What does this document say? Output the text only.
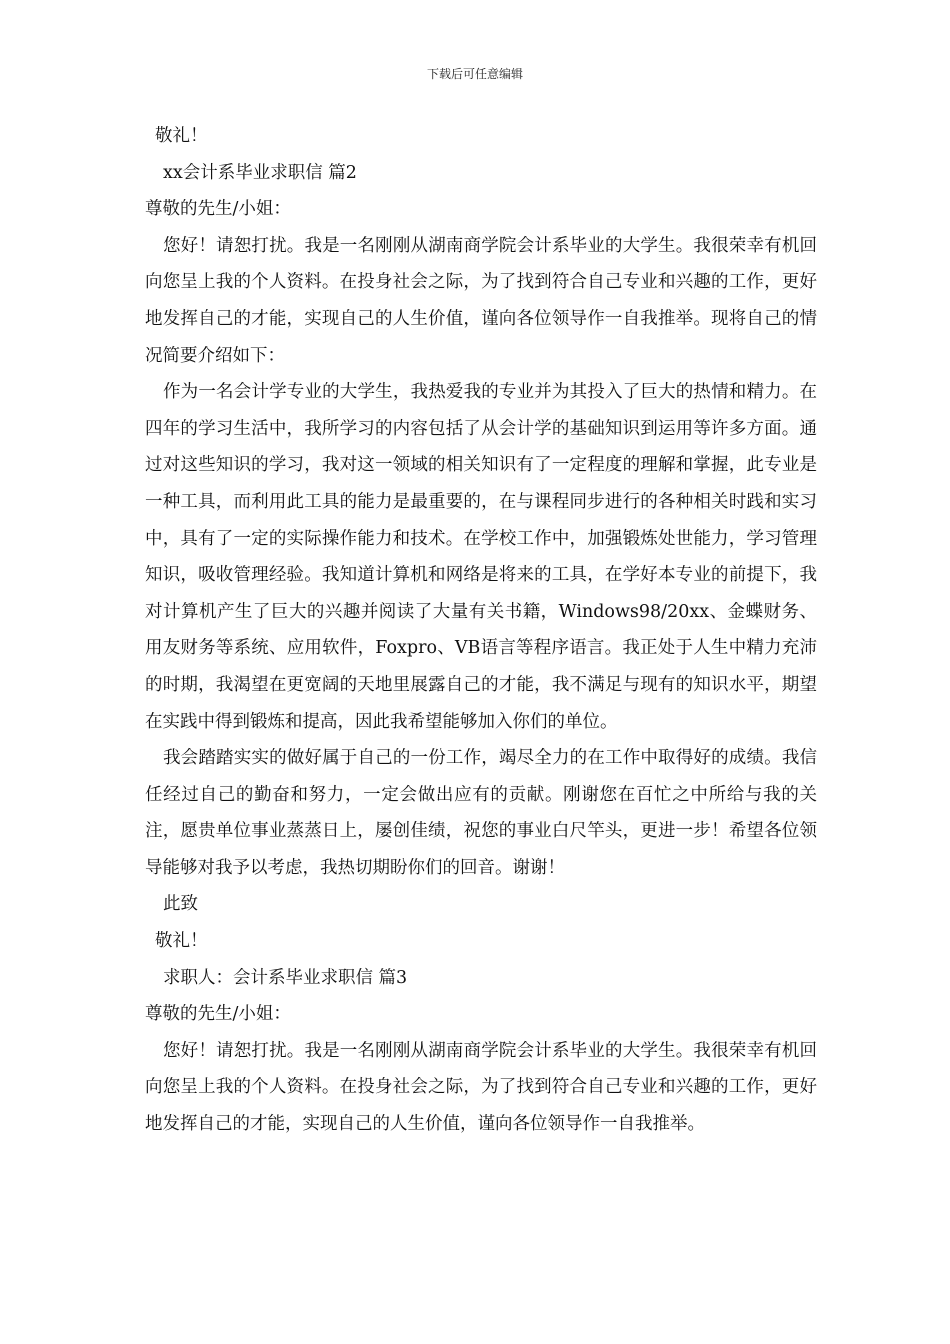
下载后可任意编辑

敬礼！

xx会计系毕业求职信 篇2

尊敬的先生/小姐：

您好！请恕打扰。我是一名刚刚从湖南商学院会计系毕业的大学生。我很荣幸有机回向您呈上我的个人资料。在投身社会之际，为了找到符合自己专业和兴趣的工作，更好地发挥自己的才能，实现自己的人生价值，谨向各位领导作一自我推举。现将自己的情况简要介绍如下：

作为一名会计学专业的大学生，我热爱我的专业并为其投入了巨大的热情和精力。在四年的学习生活中，我所学习的内容包括了从会计学的基础知识到运用等许多方面。通过对这些知识的学习，我对这一领域的相关知识有了一定程度的理解和掌握，此专业是一种工具，而利用此工具的能力是最重要的，在与课程同步进行的各种相关时践和实习中，具有了一定的实际操作能力和技术。在学校工作中，加强锻炼处世能力，学习管理知识，吸收管理经验。我知道计算机和网络是将来的工具，在学好本专业的前提下，我对计算机产生了巨大的兴趣并阅读了大量有关书籍，Windows98/20xx、金蝶财务、用友财务等系统、应用软件，Foxpro、VB语言等程序语言。我正处于人生中精力充沛的时期，我渴望在更宽阔的天地里展露自己的才能，我不满足与现有的知识水平，期望在实践中得到锻炼和提高，因此我希望能够加入你们的单位。

我会踏踏实实的做好属于自己的一份工作，竭尽全力的在工作中取得好的成绩。我信任经过自己的勤奋和努力，一定会做出应有的贡献。刚谢您在百忙之中所给与我的关注，愿贵单位事业蒸蒸日上，屡创佳绩，祝您的事业白尺竿头，更进一步！希望各位领导能够对我予以考虑，我热切期盼你们的回音。谢谢！

此致

敬礼！

求职人：会计系毕业求职信 篇3

尊敬的先生/小姐：

您好！请恕打扰。我是一名刚刚从湖南商学院会计系毕业的大学生。我很荣幸有机回向您呈上我的个人资料。在投身社会之际，为了找到符合自己专业和兴趣的工作，更好地发挥自己的才能，实现自己的人生价值，谨向各位领导作一自我推举。
